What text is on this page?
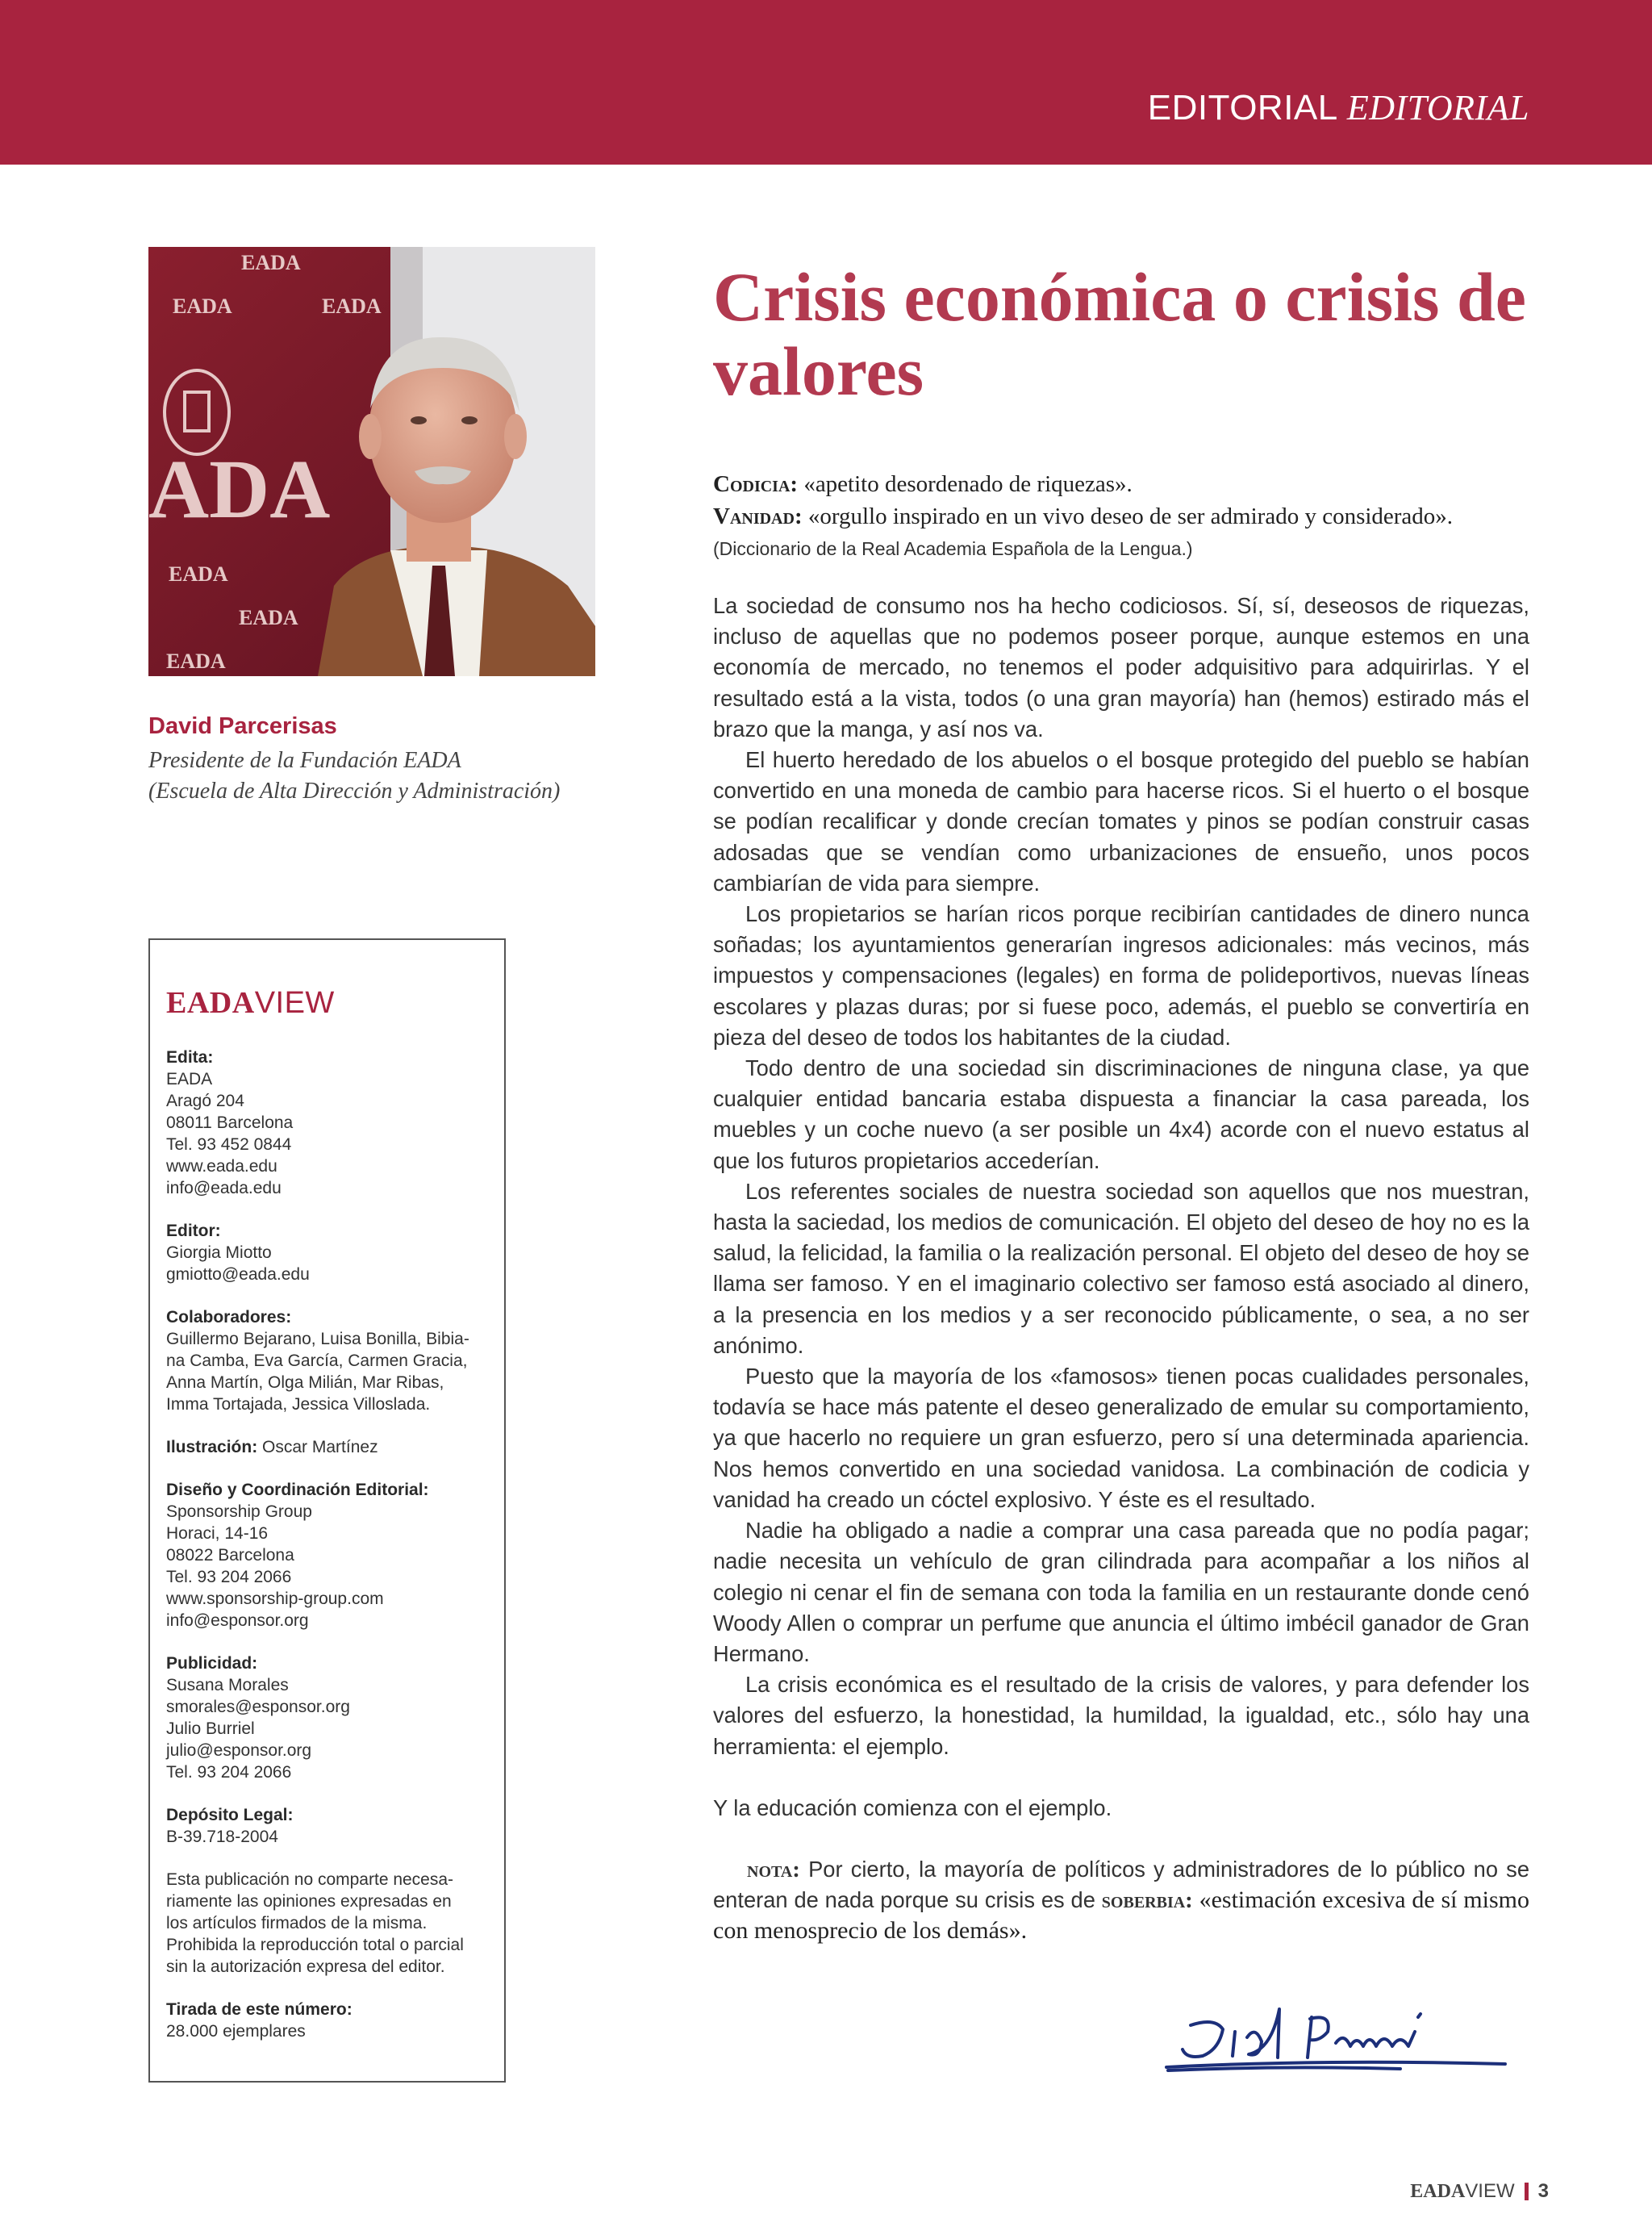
EDITORIAL EDITORIAL
EADA
EADA	EADA
ADA
EADA
EADA
EADA
David Parcerisas
Presidente de la Fundación EADA
(Escuela de Alta Dirección y Administración)
EADAVIEW
Edita:
EADA
Aragó 204
08011 Barcelona
Tel. 93 452 0844
www.eada.edu
info@eada.edu
Editor:
Giorgia Miotto
gmiotto@eada.edu
Colaboradores:
Guillermo Bejarano, Luisa Bonilla, Bibia-
na Camba, Eva García, Carmen Gracia,
Anna Martín, Olga Milián, Mar Ribas,
Imma Tortajada, Jessica Villoslada.
Ilustración: Oscar Martínez
Diseño y Coordinación Editorial:
Sponsorship Group
Horaci, 14-16
08022 Barcelona
Tel. 93 204 2066
www.sponsorship-group.com
info@esponsor.org
Publicidad:
Susana Morales
smorales@esponsor.org
Julio Burriel
julio@esponsor.org
Tel. 93 204 2066
Depósito Legal:
B-39.718-2004
Esta publicación no comparte necesa-
riamente las opiniones expresadas en
los artículos firmados de la misma.
Prohibida la reproducción total o parcial
sin la autorización expresa del editor.
Tirada de este número:
28.000 ejemplares
Crisis económica o crisis de valores
Codicia: «apetito desordenado de riquezas».
Vanidad: «orgullo inspirado en un vivo deseo de ser admirado y considerado».
(Diccionario de la Real Academia Española de la Lengua.)

La sociedad de consumo nos ha hecho codiciosos. Sí, sí, deseosos de riquezas, incluso de aquellas que no podemos poseer porque, aunque estemos en una economía de mercado, no tenemos el poder adquisitivo para adquirirlas. Y el resultado está a la vista, todos (o una gran mayoría) han (hemos) estirado más el brazo que la manga, y así nos va.

El huerto heredado de los abuelos o el bosque protegido del pueblo se habían convertido en una moneda de cambio para hacerse ricos. Si el huerto o el bosque se podían recalificar y donde crecían tomates y pinos se podían construir casas adosadas que se vendían como urbanizaciones de ensueño, unos pocos cambiarían de vida para siempre.

Los propietarios se harían ricos porque recibirían cantidades de dinero nunca soñadas; los ayuntamientos generarían ingresos adicionales: más vecinos, más impuestos y compensaciones (legales) en forma de polideportivos, nuevas líneas escolares y plazas duras; por si fuese poco, además, el pueblo se convertiría en pieza del deseo de todos los habitantes de la ciudad.

Todo dentro de una sociedad sin discriminaciones de ninguna clase, ya que cualquier entidad bancaria estaba dispuesta a financiar la casa pareada, los muebles y un coche nuevo (a ser posible un 4x4) acorde con el nuevo estatus al que los futuros propietarios accederían.

Los referentes sociales de nuestra sociedad son aquellos que nos muestran, hasta la saciedad, los medios de comunicación. El objeto del deseo de hoy no es la salud, la felicidad, la familia o la realización personal. El objeto del deseo de hoy se llama ser famoso. Y en el imaginario colectivo ser famoso está asociado al dinero, a la presencia en los medios y a ser reconocido públicamente, o sea, a no ser anónimo.

Puesto que la mayoría de los «famosos» tienen pocas cualidades personales, todavía se hace más patente el deseo generalizado de emular su comportamiento, ya que hacerlo no requiere un gran esfuerzo, pero sí una determinada apariencia. Nos hemos convertido en una sociedad vanidosa. La combinación de codicia y vanidad ha creado un cóctel explosivo. Y éste es el resultado.

Nadie ha obligado a nadie a comprar una casa pareada que no podía pagar; nadie necesita un vehículo de gran cilindrada para acompañar a los niños al colegio ni cenar el fin de semana con toda la familia en un restaurante donde cenó Woody Allen o comprar un perfume que anuncia el último imbécil ganador de Gran Hermano.

La crisis económica es el resultado de la crisis de valores, y para defender los valores del esfuerzo, la honestidad, la humildad, la igualdad, etc., sólo hay una herramienta: el ejemplo.

Y la educación comienza con el ejemplo.

nota: Por cierto, la mayoría de políticos y administradores de lo público no se enteran de nada porque su crisis es de soberbia: «estimación excesiva de sí mismo con menosprecio de los demás».

EADAVIEW 3
